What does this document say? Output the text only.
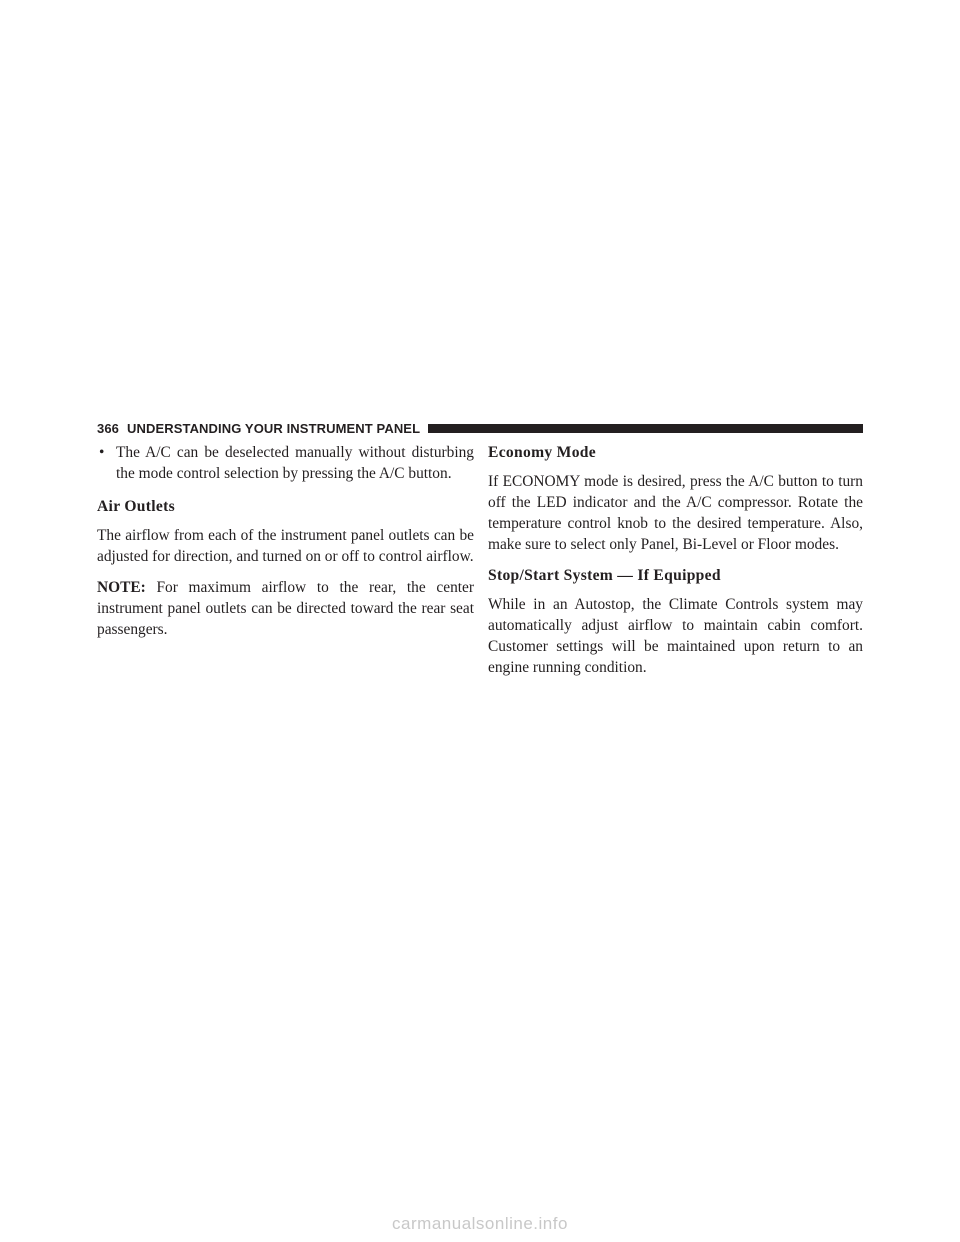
366 UNDERSTANDING YOUR INSTRUMENT PANEL

• The A/C can be deselected manually without disturbing the mode control selection by pressing the A/C button.

Air Outlets

The airflow from each of the instrument panel outlets can be adjusted for direction, and turned on or off to control airflow.

NOTE: For maximum airflow to the rear, the center instrument panel outlets can be directed toward the rear seat passengers.

Economy Mode

If ECONOMY mode is desired, press the A/C button to turn off the LED indicator and the A/C compressor. Rotate the temperature control knob to the desired temperature. Also, make sure to select only Panel, Bi-Level or Floor modes.

Stop/Start System — If Equipped

While in an Autostop, the Climate Controls system may automatically adjust airflow to maintain cabin comfort. Customer settings will be maintained upon return to an engine running condition.

carmanualsonline.info
